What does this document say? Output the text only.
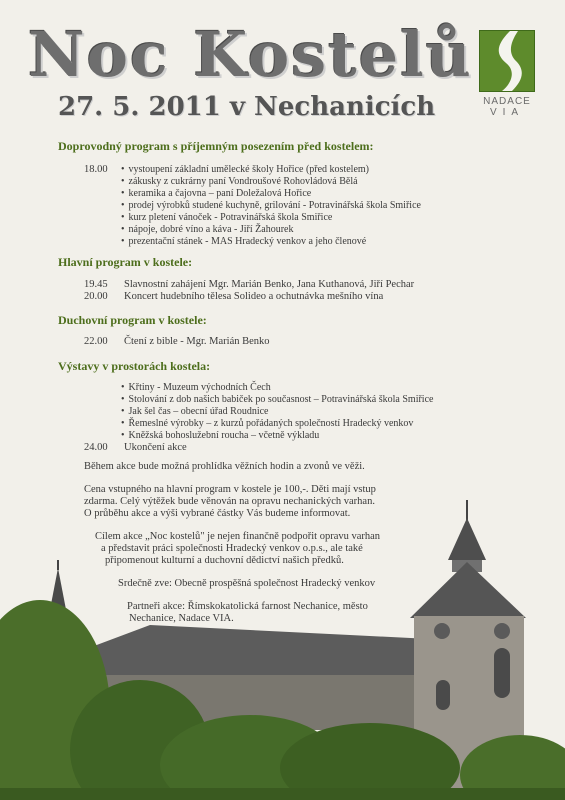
Noc Kostelů
27. 5. 2011 v Nechanicích	NADACE
VIA
Doprovodný program s příjemným posezením před kostelem:
18.00
•	vystoupení základní umělecké školy Hořice (před kostelem)
• zákusky z cukrárny paní Vondroušové Rohovládová Bělá
• keramika a čajovna – paní Doležalová Hořice
• prodej výrobků studené kuchyně, grilování - Potravinářská škola Smiřice
• kurz pletení vánoček - Potravinářská škola Smiřice
• nápoje, dobré víno a káva - Jiří Žahourek
• prezentační stánek - MAS Hradecký venkov a jeho členové
Hlavní program v kostele:
19.45 Slavnostní zahájení Mgr. Marián Benko, Jana Kuthanová, Jiří Pechar
20.00 Koncert hudebního tělesa Solideo a ochutnávka mešního vína
Duchovní program v kostele:
22.00 Čtení z bible - Mgr. Marián Benko
Výstavy v prostorách kostela:
• Křtiny - Muzeum východních Čech
• Stolování z dob našich babiček po současnost – Potravinářská škola Smiřice
• Jak šel čas – obecní úřad Roudnice
• Řemeslné výrobky – z kurzů pořádaných společností Hradecký venkov
• Kněžská bohoslužební roucha – včetně výkladu
24.00 Ukončení akce
Během akce bude možná prohlídka věžních hodin a zvonů ve věži.
Cena vstupného na hlavní program v kostele je 100,-. Děti mají vstup
zdarma. Celý výtěžek bude věnován na opravu nechanických varhan.
O průběhu akce a výši vybrané částky Vás budeme informovat.
Cílem akce „Noc kostelů" je nejen finančně podpořit opravu varhan
a představit práci společnosti Hradecký venkov o.p.s., ale také
připomenout kulturní a duchovní dědictví našich předků.
Srdečně zve: Obecně prospěšná společnost Hradecký venkov
Partneři akce: Římskokatolická farnost Nechanice, město
Nechanice, Nadace VIA.
